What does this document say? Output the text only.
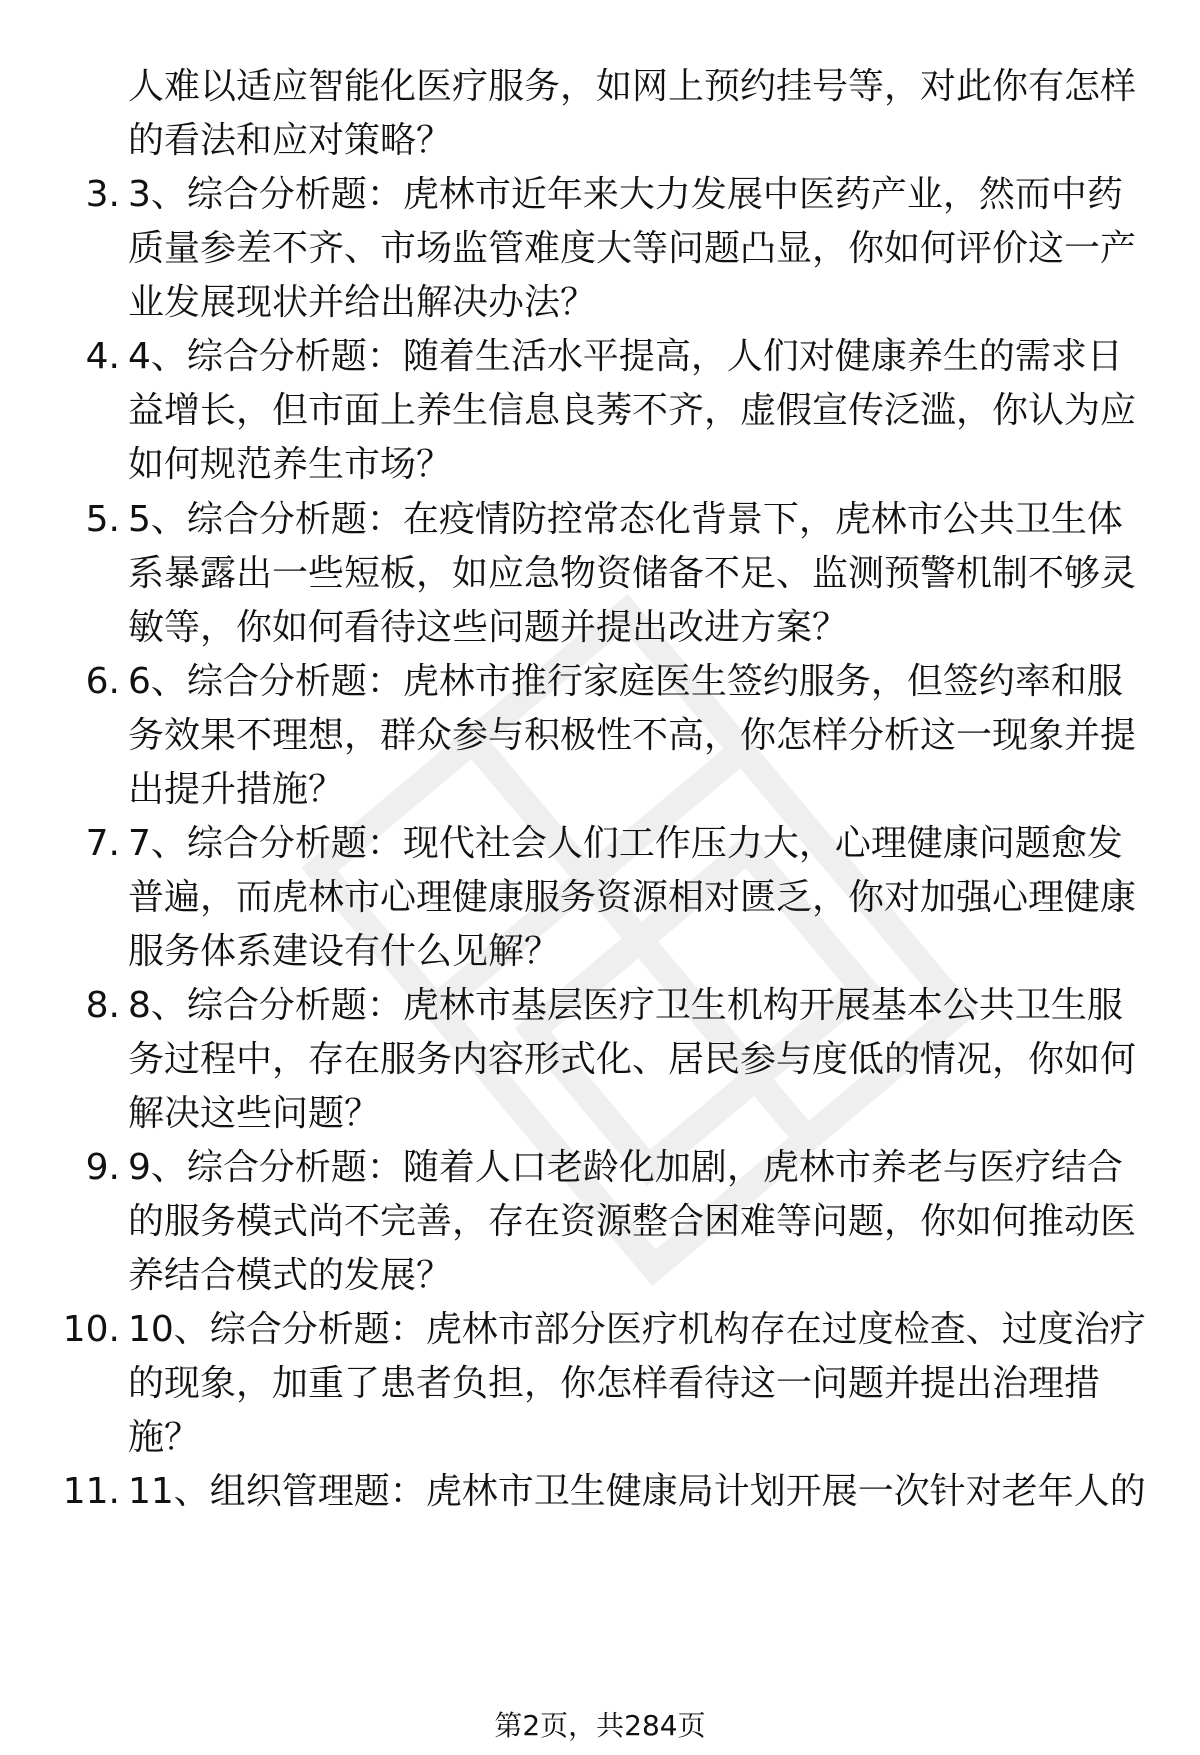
人难以适应智能化医疗服务，如网上预约挂号等，对此你有怎样的看法和应对策略？

3. 3、综合分析题：虎林市近年来大力发展中医药产业，然而中药质量参差不齐、市场监管难度大等问题凸显，你如何评价这一产业发展现状并给出解决办法？

4. 4、综合分析题：随着生活水平提高，人们对健康养生的需求日益增长，但市面上养生信息良莠不齐，虚假宣传泛滥，你认为应如何规范养生市场？

5. 5、综合分析题：在疫情防控常态化背景下，虎林市公共卫生体系暴露出一些短板，如应急物资储备不足、监测预警机制不够灵敏等，你如何看待这些问题并提出改进方案？

6. 6、综合分析题：虎林市推行家庭医生签约服务，但签约率和服务效果不理想，群众参与积极性不高，你怎样分析这一现象并提出提升措施？

7. 7、综合分析题：现代社会人们工作压力大，心理健康问题愈发普遍，而虎林市心理健康服务资源相对匮乏，你对加强心理健康服务体系建设有什么见解？

8. 8、综合分析题：虎林市基层医疗卫生机构开展基本公共卫生服务过程中，存在服务内容形式化、居民参与度低的情况，你如何解决这些问题？

9. 9、综合分析题：随着人口老龄化加剧，虎林市养老与医疗结合的服务模式尚不完善，存在资源整合困难等问题，你如何推动医养结合模式的发展？

10. 10、综合分析题：虎林市部分医疗机构存在过度检查、过度治疗的现象，加重了患者负担，你怎样看待这一问题并提出治理措施？

11. 11、组织管理题：虎林市卫生健康局计划开展一次针对老年人的

第2页，共284页
